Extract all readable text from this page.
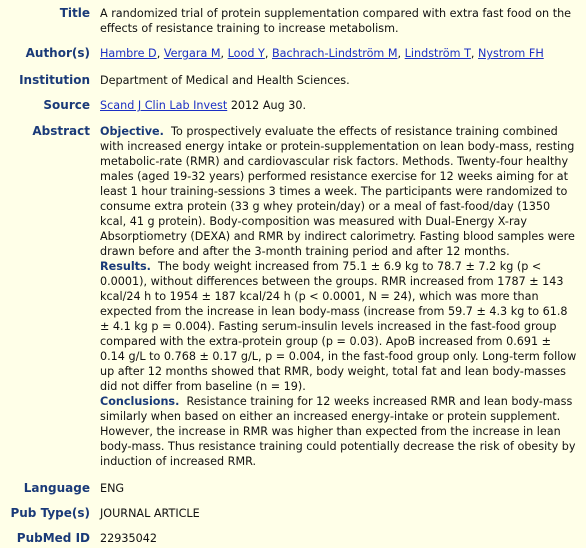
Title A randomized trial of protein supplementation compared with extra fast food on the effects of resistance training to increase metabolism.
Author(s) Hambre D, Vergara M, Lood Y, Bachrach-Lindström M, Lindström T, Nystrom FH
Institution Department of Medical and Health Sciences.
Source Scand J Clin Lab Invest 2012 Aug 30.
Abstract Objective. To prospectively evaluate the effects of resistance training combined with increased energy intake or protein-supplementation on lean body-mass, resting metabolic-rate (RMR) and cardiovascular risk factors. Methods. Twenty-four healthy males (aged 19-32 years) performed resistance exercise for 12 weeks aiming for at least 1 hour training-sessions 3 times a week. The participants were randomized to consume extra protein (33 g whey protein/day) or a meal of fast-food/day (1350 kcal, 41 g protein). Body-composition was measured with Dual-Energy X-ray Absorptiometry (DEXA) and RMR by indirect calorimetry. Fasting blood samples were drawn before and after the 3-month training period and after 12 months.

Results. The body weight increased from 75.1 ± 6.9 kg to 78.7 ± 7.2 kg (p < 0.0001), without differences between the groups. RMR increased from 1787 ± 143 kcal/24 h to 1954 ± 187 kcal/24 h (p < 0.0001, N = 24), which was more than expected from the increase in lean body-mass (increase from 59.7 ± 4.3 kg to 61.8 ± 4.1 kg p = 0.004). Fasting serum-insulin levels increased in the fast-food group compared with the extra-protein group (p = 0.03). ApoB increased from 0.691 ± 0.14 g/L to 0.768 ± 0.17 g/L, p = 0.004, in the fast-food group only. Long-term follow up after 12 months showed that RMR, body weight, total fat and lean body-masses did not differ from baseline (n = 19).

Conclusions. Resistance training for 12 weeks increased RMR and lean body-mass similarly when based on either an increased energy-intake or protein supplement. However, the increase in RMR was higher than expected from the increase in lean body-mass. Thus resistance training could potentially decrease the risk of obesity by induction of increased RMR.

Language ENG
Pub Type(s) JOURNAL ARTICLE
PubMed ID 22935042
